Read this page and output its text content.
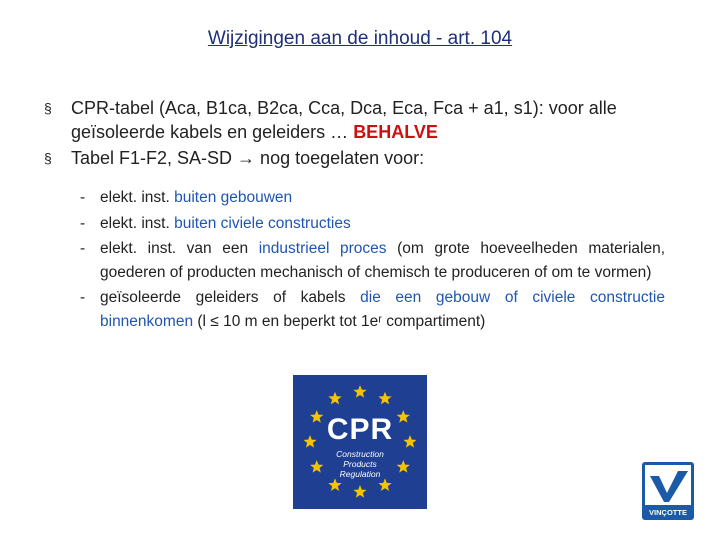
Wijzigingen aan de inhoud - art. 104
§ CPR-tabel (Aca, B1ca, B2ca, Cca, Dca, Eca, Fca + a1, s1): voor alle geïsoleerde kabels en geleiders … BEHALVE
§ Tabel F1-F2, SA-SD → nog toegelaten voor:
- elekt. inst. buiten gebouwen
- elekt. inst. buiten civiele constructies
- elekt. inst. van een industrieel proces (om grote hoeveelheden materialen, goederen of producten mechanisch of chemisch te produceren of om te vormen)
- geïsoleerde geleiders of kabels die een gebouw of civiele constructie binnenkomen (l ≤ 10 m en beperkt tot 1eʳ compartiment)
CPR
Construction
Products
Regulation
VINÇOTTE
